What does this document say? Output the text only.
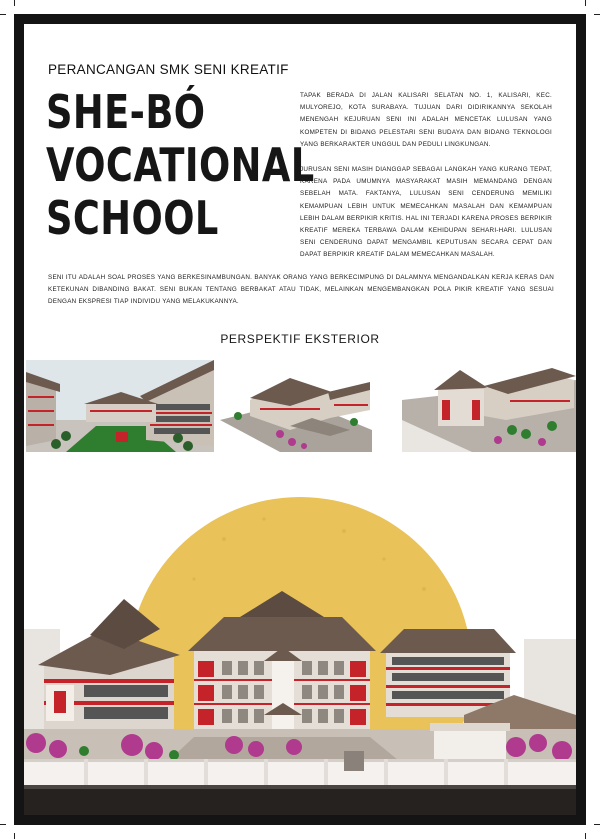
PERANCANGAN SMK SENI KREATIF
SHE-BÓ
VOCATIONAL
SCHOOL
TAPAK BERADA DI JALAN KALISARI SELATAN NO. 1, KALISARI, KEC. MULYOREJO, KOTA SURABAYA. TUJUAN DARI DIDIRIKANNYA SEKOLAH MENENGAH KEJURUAN SENI INI ADALAH MENCETAK LULUSAN YANG KOMPETEN DI BIDANG PELESTARI SENI BUDAYA DAN BIDANG TEKNOLOGI YANG BERKARAKTER UNGGUL DAN PEDULI LINGKUNGAN.
JURUSAN SENI MASIH DIANGGAP SEBAGAI LANGKAH YANG KURANG TEPAT, KARENA PADA UMUMNYA MASYARAKAT MASIH MEMANDANG DENGAN SEBELAH MATA. FAKTANYA, LULUSAN SENI CENDERUNG MEMILIKI KEMAMPUAN LEBIH UNTUK MEMECAHKAN MASALAH DAN KEMAMPUAN LEBIH DALAM BERPIKIR KRITIS. HAL INI TERJADI KARENA PROSES BERPIKIR KREATIF MEREKA TERBAWA DALAM KEHIDUPAN SEHARI-HARI. LULUSAN SENI CENDERUNG DAPAT MENGAMBIL KEPUTUSAN SECARA CEPAT DAN DAPAT BERPIKIR KREATIF DALAM MEMECAHKAN MASALAH.
SENI ITU ADALAH SOAL PROSES YANG BERKESINAMBUNGAN. BANYAK ORANG YANG BERKECIMPUNG DI DALAMNYA MENGANDALKAN KERJA KERAS DAN KETEKUNAN DIBANDING BAKAT. SENI BUKAN TENTANG BERBAKAT ATAU TIDAK, MELAINKAN MENGEMBANGKAN POLA PIKIR KREATIF YANG SESUAI DENGAN EKSPRESI TIAP INDIVIDU YANG MELAKUKANNYA.
PERSPEKTIF EKSTERIOR
